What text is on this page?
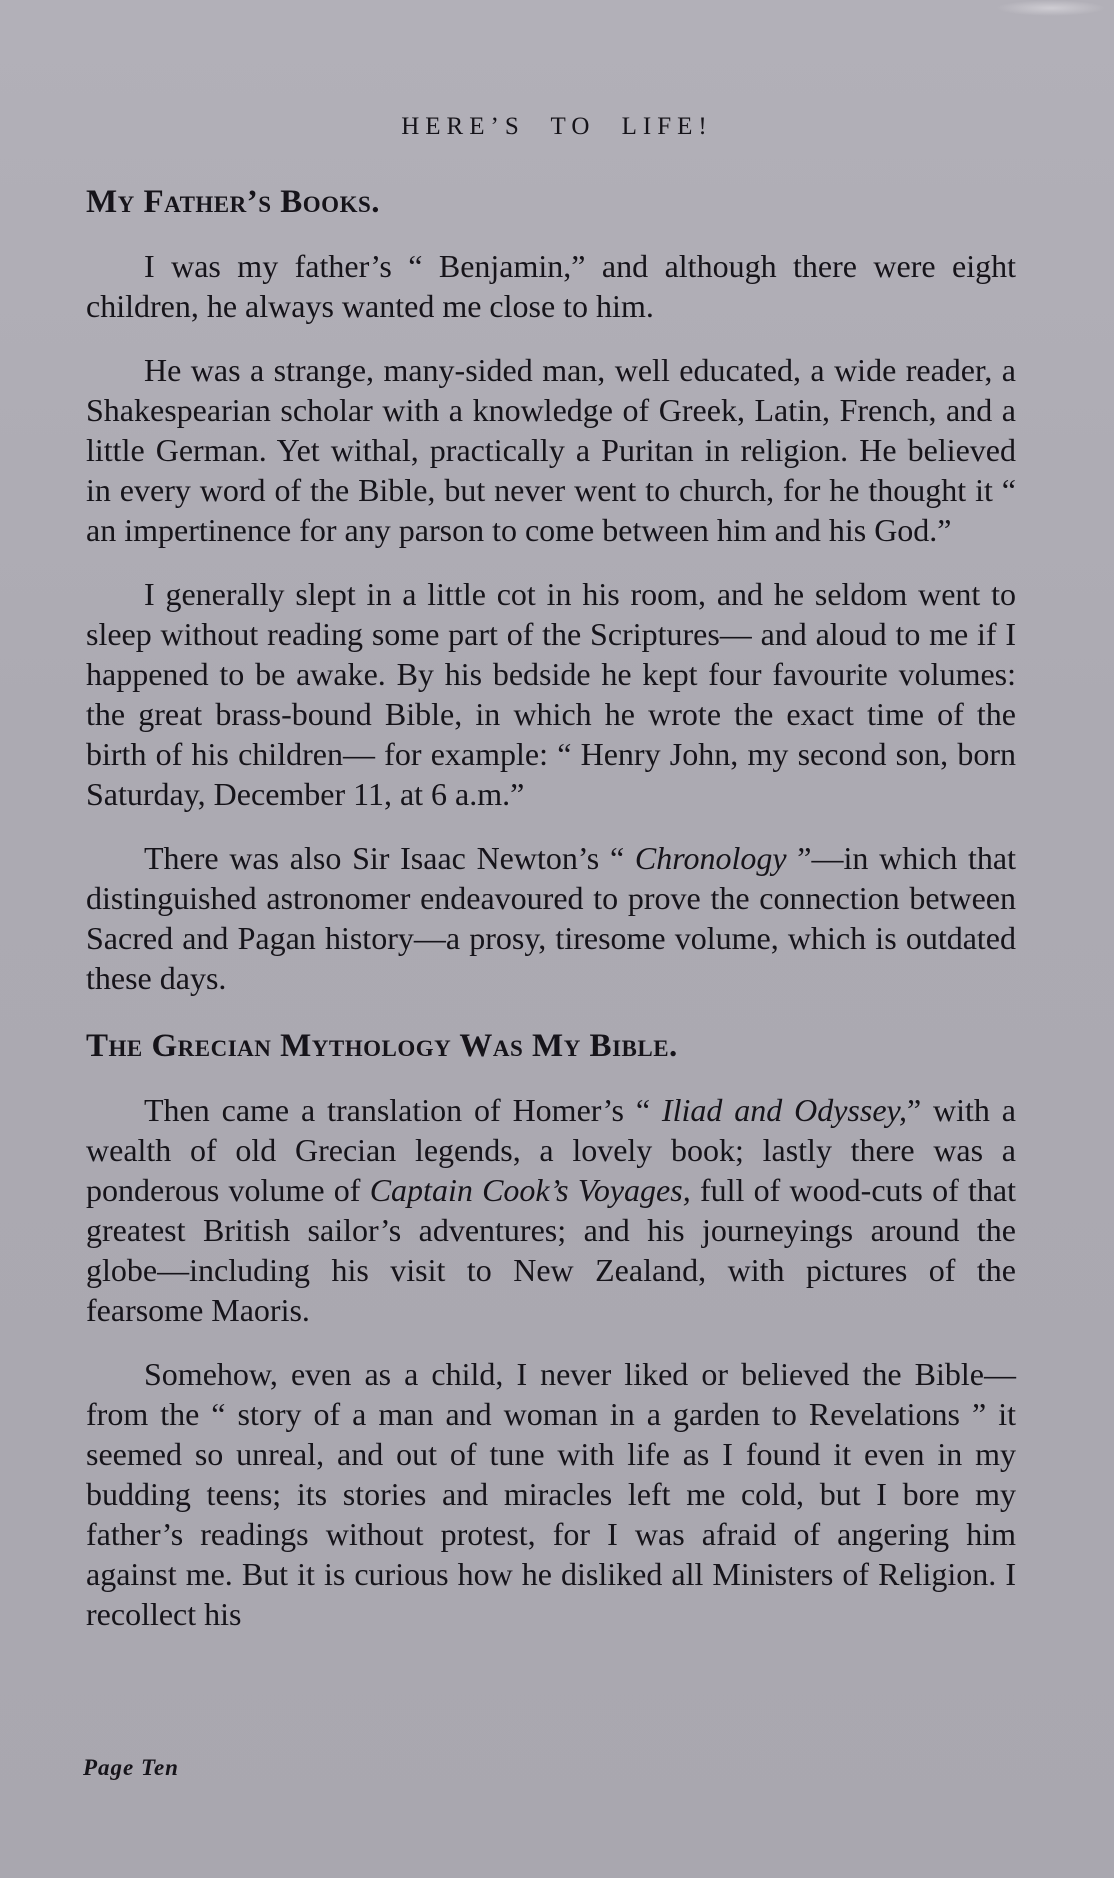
HERE’S TO LIFE!
My Father’s Books.

I was my father’s “ Benjamin,” and although there were eight children, he always wanted me close to him.

He was a strange, many-sided man, well educated, a wide reader, a Shakespearian scholar with a knowledge of Greek, Latin, French, and a little German. Yet withal, practically a Puritan in religion. He believed in every word of the Bible, but never went to church, for he thought it “ an impertinence for any parson to come between him and his God.”

I generally slept in a little cot in his room, and he seldom went to sleep without reading some part of the Scriptures— and aloud to me if I happened to be awake. By his bedside he kept four favourite volumes: the great brass-bound Bible, in which he wrote the exact time of the birth of his children— for example: “ Henry John, my second son, born Saturday, December 11, at 6 a.m.”

There was also Sir Isaac Newton’s “ Chronology ”—in which that distinguished astronomer endeavoured to prove the connection between Sacred and Pagan history—a prosy, tiresome volume, which is outdated these days.

The Grecian Mythology Was My Bible.

Then came a translation of Homer’s “ Iliad and Odyssey,” with a wealth of old Grecian legends, a lovely book; lastly there was a ponderous volume of Captain Cook’s Voyages, full of wood-cuts of that greatest British sailor’s adventures; and his journeyings around the globe—including his visit to New Zealand, with pictures of the fearsome Maoris.

Somehow, even as a child, I never liked or believed the Bible—from the “ story of a man and woman in a garden to Revelations ” it seemed so unreal, and out of tune with life as I found it even in my budding teens; its stories and miracles left me cold, but I bore my father’s readings without protest, for I was afraid of angering him against me. But it is curious how he disliked all Ministers of Religion. I recollect his

Page Ten
